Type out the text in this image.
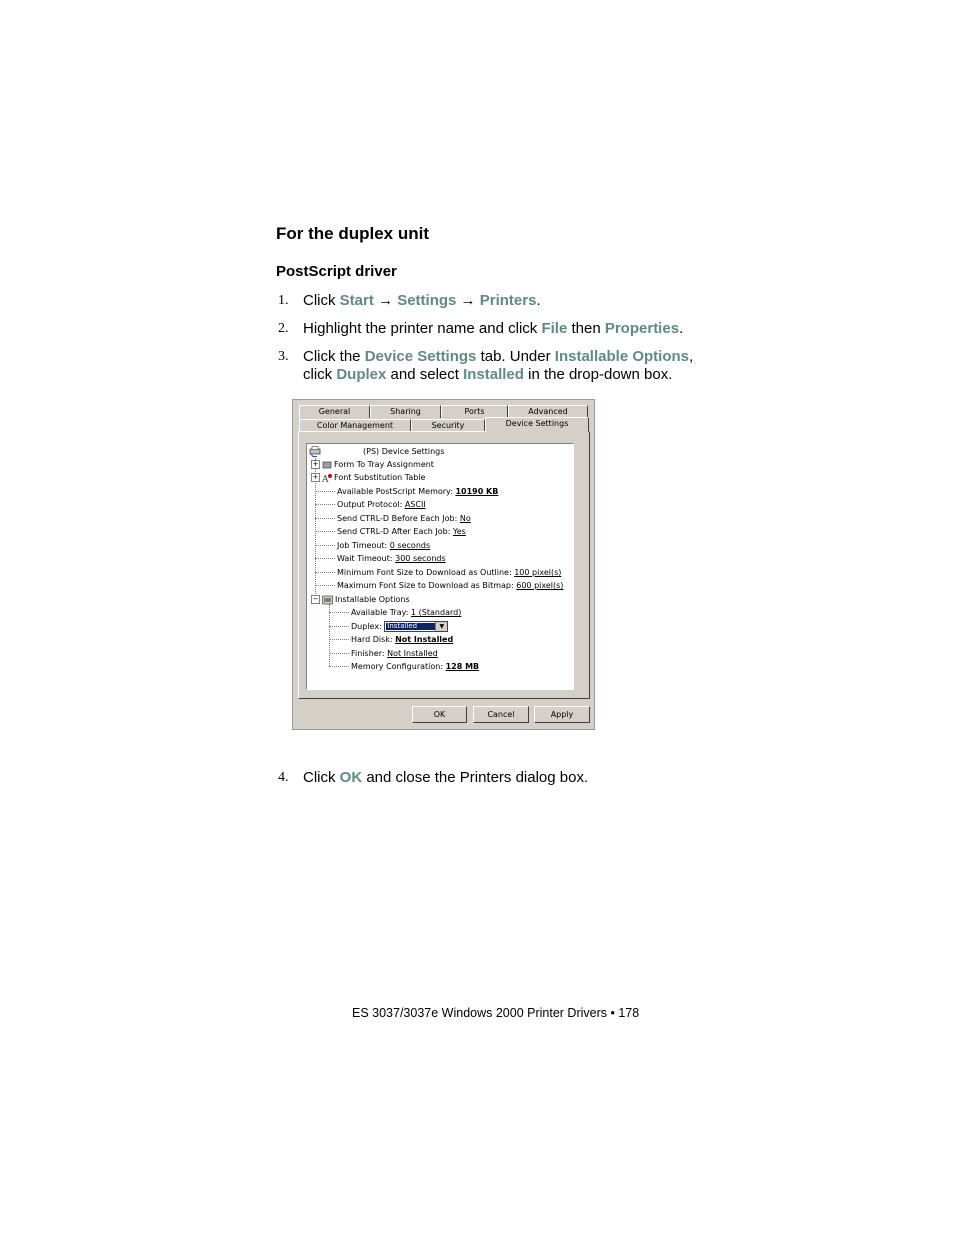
For the duplex unit
PostScript driver
1. Click Start → Settings → Printers.
2. Highlight the printer name and click File then Properties.
3. Click the Device Settings tab. Under Installable Options,
click Duplex and select Installed in the drop-down box.
General	Sharing	Ports	Advanced
Color Management	Security	Device Settings
(PS) Device Settings
+ Form To Tray Assignment
+ A Font Substitution Table
Available PostScript Memory: 10190 KB
Output Protocol: ASCII
Send CTRL-D Before Each Job: No
Send CTRL-D After Each Job: Yes
Job Timeout: 0 seconds
Wait Timeout: 300 seconds
Minimum Font Size to Download as Outline: 100 pixel(s)
Maximum Font Size to Download as Bitmap: 600 pixel(s)
− Installable Options
Available Tray: 1 (Standard)
Duplex: Installed	▼
Hard Disk: Not Installed
Finisher: Not Installed
Memory Configuration: 128 MB
OK	Cancel	Apply
4. Click OK and close the Printers dialog box.
ES 3037/3037e Windows 2000 Printer Drivers • 178
